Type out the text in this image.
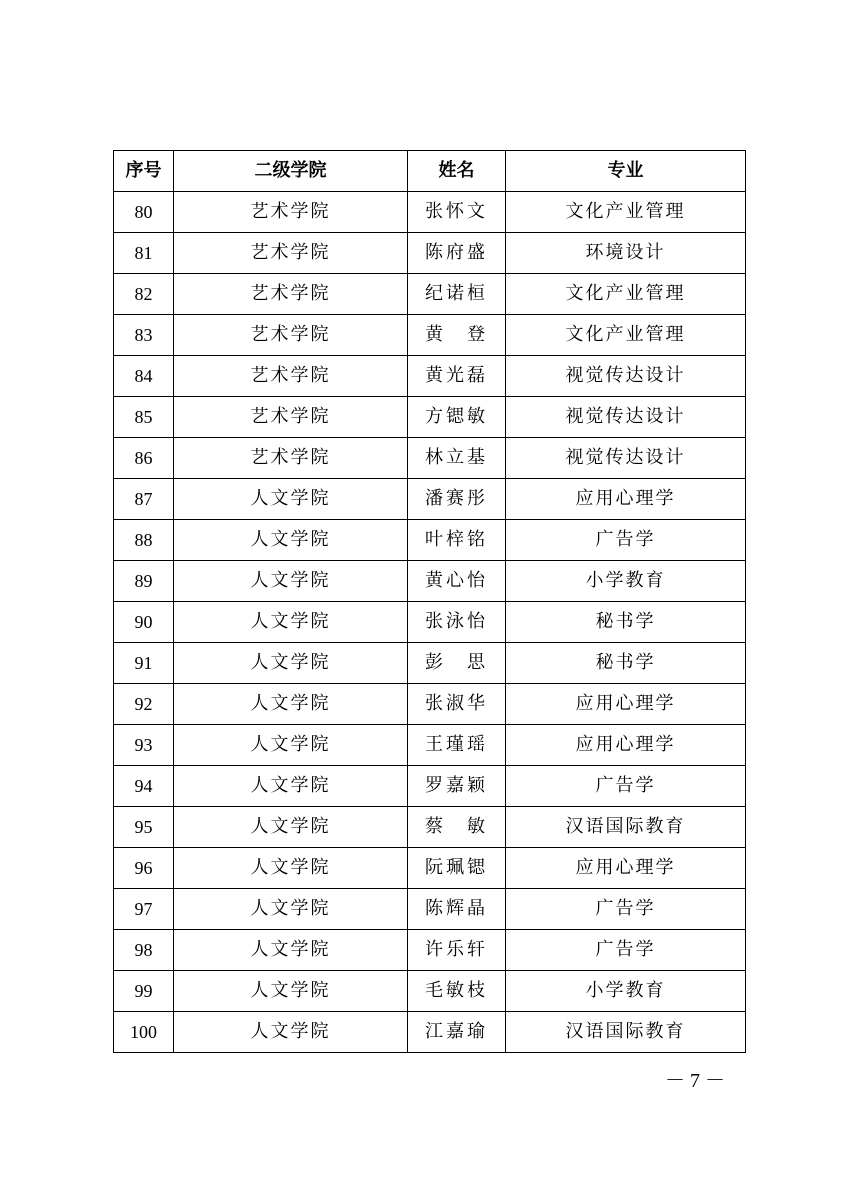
序号	二级学院	姓名	专业
80	艺术学院	张怀文	文化产业管理
81	艺术学院	陈府盛	环境设计
82	艺术学院	纪诺桓	文化产业管理
83	艺术学院	黄　登	文化产业管理
84	艺术学院	黄光磊	视觉传达设计
85	艺术学院	方锶敏	视觉传达设计
86	艺术学院	林立基	视觉传达设计
87	人文学院	潘赛彤	应用心理学
88	人文学院	叶梓铭	广告学
89	人文学院	黄心怡	小学教育
90	人文学院	张泳怡	秘书学
91	人文学院	彭　思	秘书学
92	人文学院	张淑华	应用心理学
93	人文学院	王瑾瑶	应用心理学
94	人文学院	罗嘉颖	广告学
95	人文学院	蔡　敏	汉语国际教育
96	人文学院	阮珮锶	应用心理学
97	人文学院	陈辉晶	广告学
98	人文学院	许乐轩	广告学
99	人文学院	毛敏枝	小学教育
100	人文学院	江嘉瑜	汉语国际教育
－ 7 －
